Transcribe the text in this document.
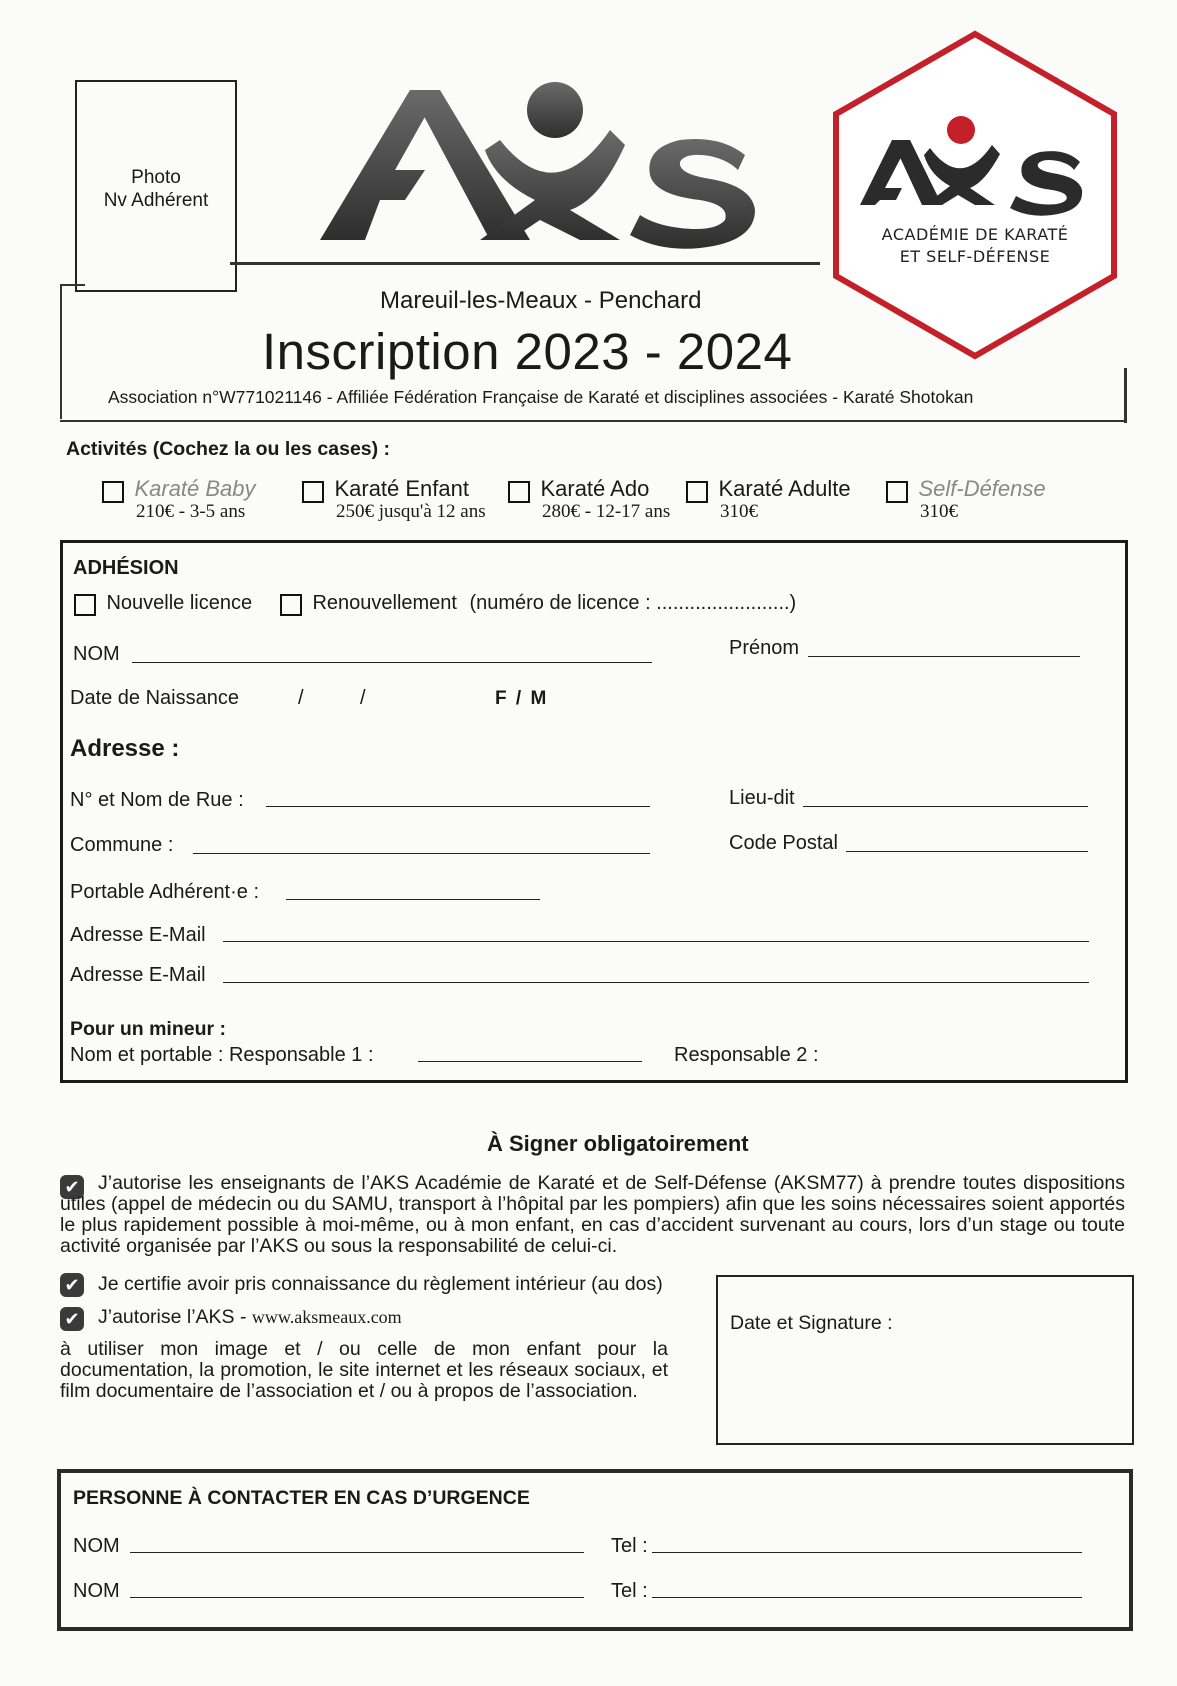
Photo
Nv Adhérent
ACADÉMIE DE KARATÉ
ET SELF-DÉFENSE
Mareuil-les-Meaux - Penchard
Inscription 2023 - 2024
Association n°W771021146 - Affiliée Fédération Française de Karaté et disciplines associées - Karaté Shotokan
Activités (Cochez la ou les cases) :
Karaté Baby
210€ - 3-5 ans
Karaté Enfant
250€ jusqu'à 12 ans
Karaté Ado
280€ - 12-17 ans
Karaté Adulte
310€
Self-Défense
310€
ADHÉSION
Nouvelle licence	Renouvellement (numéro de licence : ........................)
NOM	Prénom
Date de Naissance	/	/	F / M
Adresse :
N° et Nom de Rue :	Lieu-dit
Commune :	Code Postal
Portable Adhérent·e :
Adresse E-Mail
Adresse E-Mail
Pour un mineur :
Nom et portable : Responsable 1 :	Responsable 2 :
À Signer obligatoirement
✔ J’autorise les enseignants de l’AKS Académie de Karaté et de Self-Défense (AKSM77) à prendre toutes dispositions utiles (appel de médecin ou du SAMU, transport à l’hôpital par les pompiers) afin que les soins nécessaires soient apportés le plus rapidement possible à moi-même, ou à mon enfant, en cas d’accident survenant au cours, lors d’un stage ou toute activité organisée par l’AKS ou sous la responsabilité de celui-ci.
✔ Je certifie avoir pris connaissance du règlement intérieur (au dos)
✔ J’autorise l’AKS - www.aksmeaux.com
à utiliser mon image et / ou celle de mon enfant pour la documentation, la promotion, le site internet et les réseaux sociaux, et film documentaire de l’association et / ou à propos de l’association.
Date et Signature :
PERSONNE À CONTACTER EN CAS D’URGENCE
NOM	Tel :
NOM	Tel :
